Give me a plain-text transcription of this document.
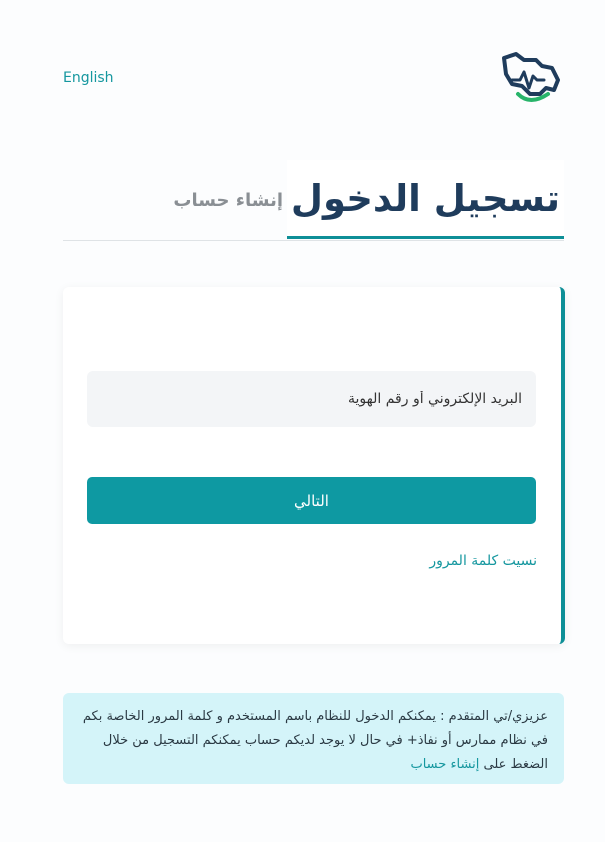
English
إنشاء حساب تسجيل الدخول
البريد الإلكتروني أو رقم الهوية
التالي
نسيت كلمة المرور
عزيزي/تي المتقدم : يمكنكم الدخول للنظام باسم المستخدم و كلمة المرور الخاصة بكم في نظام ممارس أو نفاذ+ في حال لا يوجد لديكم حساب يمكنكم التسجيل من خلال الضغط على إنشاء حساب
